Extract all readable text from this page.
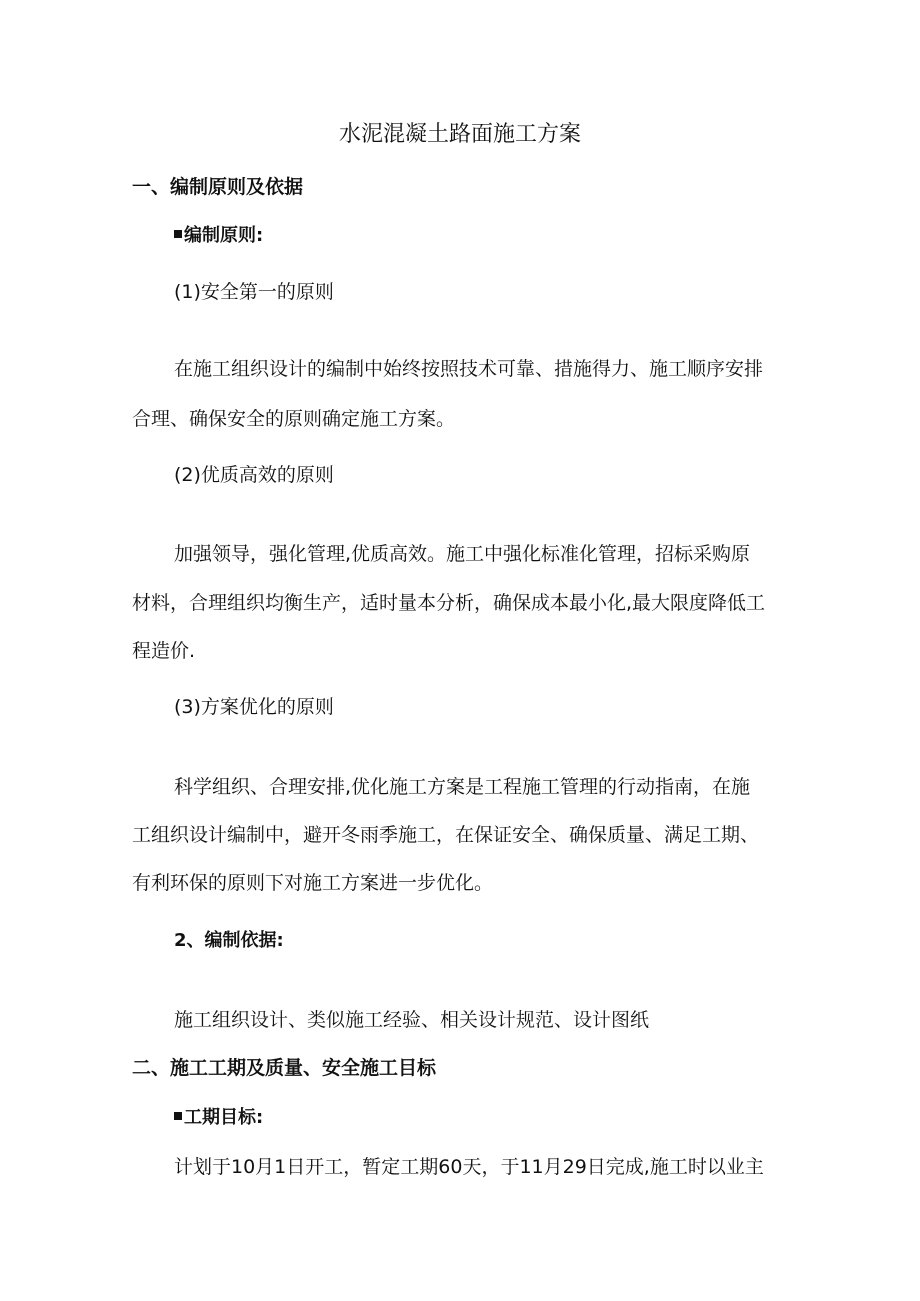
水泥混凝土路面施工方案
一、编制原则及依据
编制原则:
(1)安全第一的原则
在施工组织设计的编制中始终按照技术可靠、措施得力、施工顺序安排
合理、确保安全的原则确定施工方案。
(2)优质高效的原则
加强领导，强化管理,优质高效。施工中强化标准化管理，招标采购原
材料，合理组织均衡生产，适时量本分析，确保成本最小化,最大限度降低工
程造价.
(3)方案优化的原则
科学组织、合理安排,优化施工方案是工程施工管理的行动指南，在施
工组织设计编制中，避开冬雨季施工，在保证安全、确保质量、满足工期、
有利环保的原则下对施工方案进一步优化。
2、编制依据:
施工组织设计、类似施工经验、相关设计规范、设计图纸
二、施工工期及质量、安全施工目标
工期目标:
计划于10月1日开工，暂定工期60天，于11月29日完成,施工时以业主
